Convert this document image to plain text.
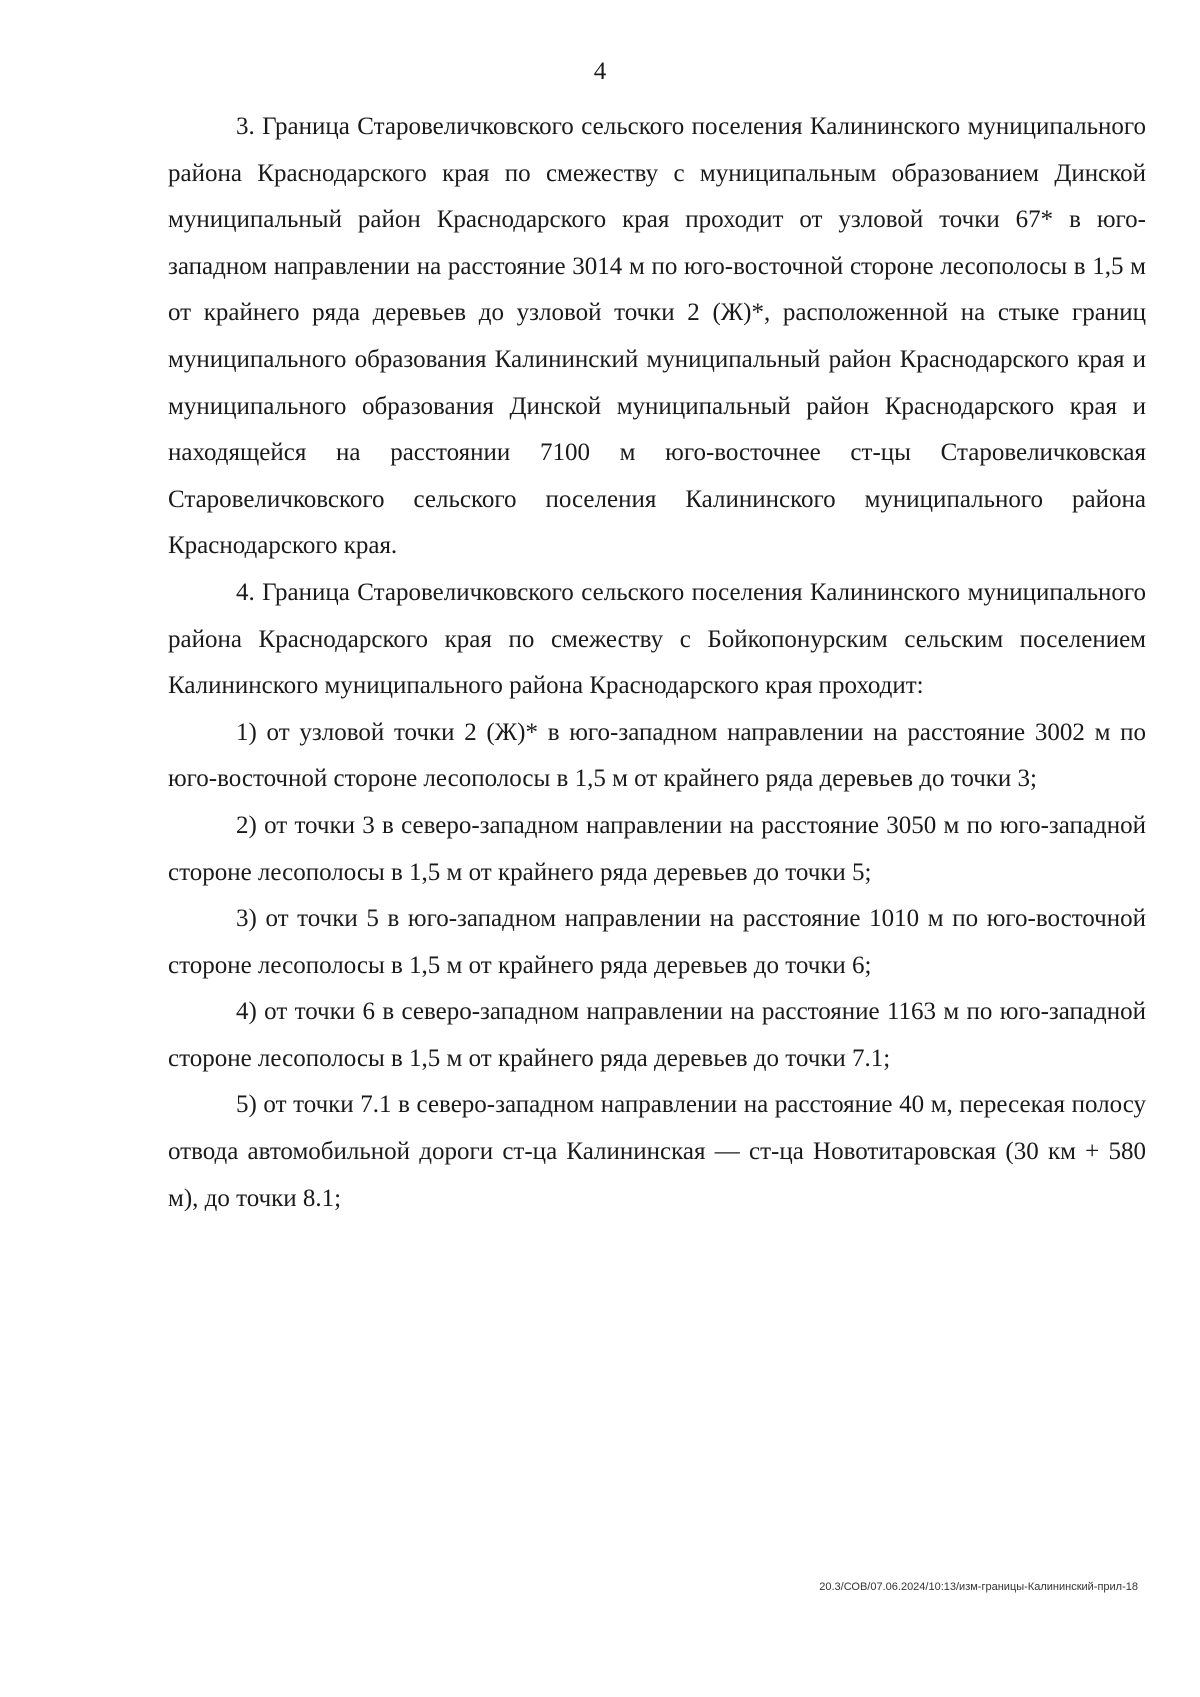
4

3. Граница Старовеличковского сельского поселения Калининского муниципального района Краснодарского края по смежеству с муниципальным образованием Динской муниципальный район Краснодарского края проходит от узловой точки 67* в юго-западном направлении на расстояние 3014 м по юго-восточной стороне лесополосы в 1,5 м от крайнего ряда деревьев до узловой точки 2 (Ж)*, расположенной на стыке границ муниципального образования Калининский муниципальный район Краснодарского края и муниципального образования Динской муниципальный район Краснодарского края и находящейся на расстоянии 7100 м юго-восточнее ст-цы Старовеличковская Старовеличковского сельского поселения Калининского муниципального района Краснодарского края.

4. Граница Старовеличковского сельского поселения Калининского муниципального района Краснодарского края по смежеству с Бойкопонурским сельским поселением Калининского муниципального района Краснодарского края проходит:

1) от узловой точки 2 (Ж)* в юго-западном направлении на расстояние 3002 м по юго-восточной стороне лесополосы в 1,5 м от крайнего ряда деревьев до точки 3;

2) от точки 3 в северо-западном направлении на расстояние 3050 м по юго-западной стороне лесополосы в 1,5 м от крайнего ряда деревьев до точки 5;

3) от точки 5 в юго-западном направлении на расстояние 1010 м по юго-восточной стороне лесополосы в 1,5 м от крайнего ряда деревьев до точки 6;

4) от точки 6 в северо-западном направлении на расстояние 1163 м по юго-западной стороне лесополосы в 1,5 м от крайнего ряда деревьев до точки 7.1;

5) от точки 7.1 в северо-западном направлении на расстояние 40 м, пересекая полосу отвода автомобильной дороги ст-ца Калининская — ст-ца Новотитаровская (30 км + 580 м), до точки 8.1;

20.3/СОВ/07.06.2024/10:13/изм-границы-Калининский-прил-18
